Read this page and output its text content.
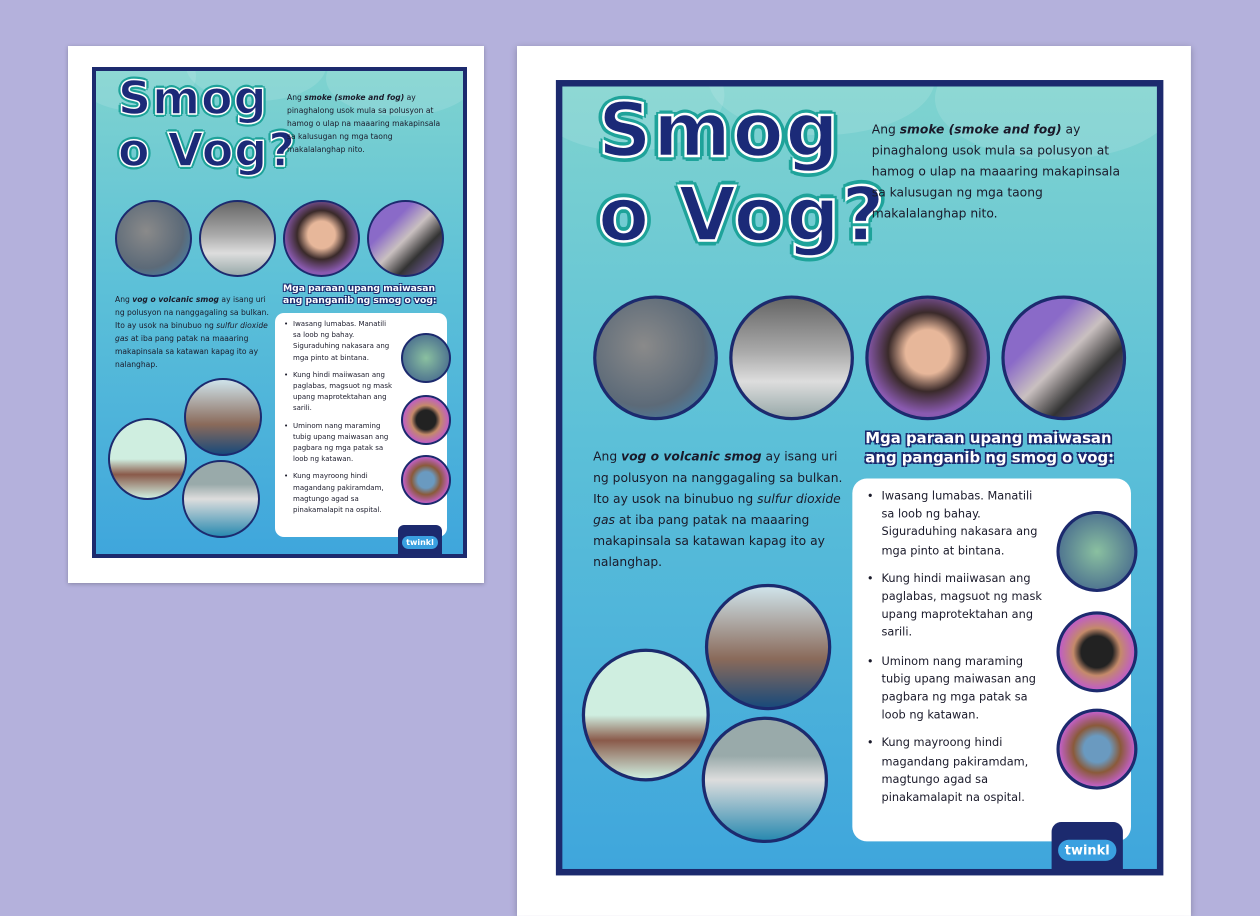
Smog
o Vog?
Ang smoke (smoke and fog) ay pinaghalong usok mula sa polusyon at hamog o ulap na maaaring makapinsala sa kalusugan ng mga taong makalalanghap nito.
Ang vog o volcanic smog ay isang uri ng polusyon na nanggagaling sa bulkan. Ito ay usok na binubuo ng sulfur dioxide gas at iba pang patak na maaaring makapinsala sa katawan kapag ito ay nalanghap.
Mga paraan upang maiwasan ang panganib ng smog o vog:
• Iwasang lumabas. Manatili sa loob ng bahay. Siguraduhing nakasara ang mga pinto at bintana.
• Kung hindi maiiwasan ang paglabas, magsuot ng mask upang maprotektahan ang sarili.
• Uminom nang maraming tubig upang maiwasan ang pagbara ng mga patak sa loob ng katawan.
• Kung mayroong hindi magandang pakiramdam, magtungo agad sa pinakamalapit na ospital.
twinkl
Smog
o Vog?
Ang smoke (smoke and fog) ay pinaghalong usok mula sa polusyon at hamog o ulap na maaaring makapinsala sa kalusugan ng mga taong makalalanghap nito.
Ang vog o volcanic smog ay isang uri ng polusyon na nanggagaling sa bulkan. Ito ay usok na binubuo ng sulfur dioxide gas at iba pang patak na maaaring makapinsala sa katawan kapag ito ay nalanghap.
Mga paraan upang maiwasan ang panganib ng smog o vog:
• Iwasang lumabas. Manatili sa loob ng bahay. Siguraduhing nakasara ang mga pinto at bintana.
• Kung hindi maiiwasan ang paglabas, magsuot ng mask upang maprotektahan ang sarili.
• Uminom nang maraming tubig upang maiwasan ang pagbara ng mga patak sa loob ng katawan.
• Kung mayroong hindi magandang pakiramdam, magtungo agad sa pinakamalapit na ospital.
twinkl
